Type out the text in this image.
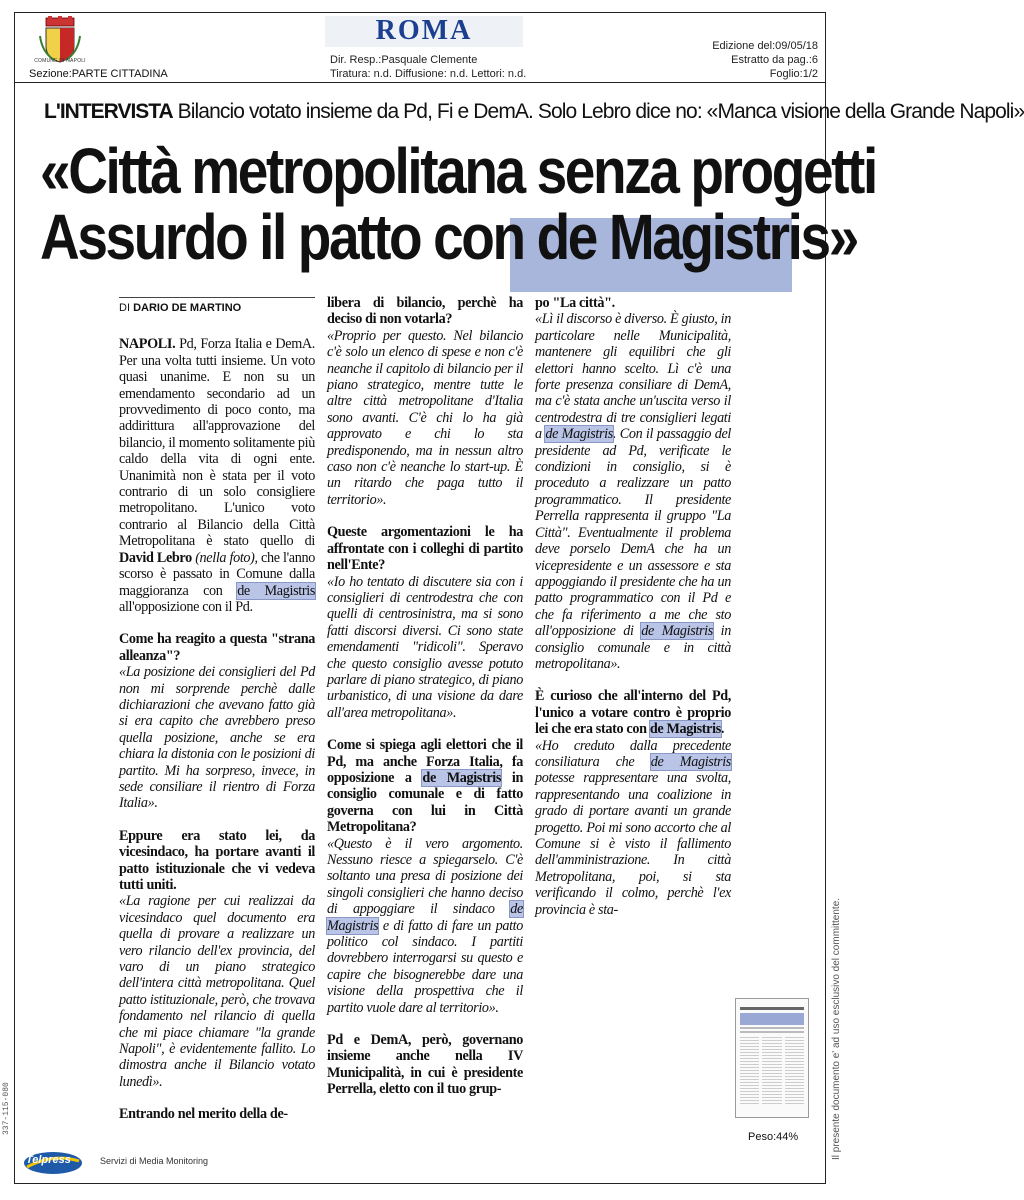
COMUNE DI NAPOLI
Sezione:PARTE CITTADINA
ROMA
Dir. Resp.:Pasquale Clemente
Tiratura: n.d. Diffusione: n.d. Lettori: n.d.
Edizione del:09/05/18
Estratto da pag.:6
Foglio:1/2
L'INTERVISTA Bilancio votato insieme da Pd, Fi e DemA. Solo Lebro dice no: «Manca visione della Grande Napoli»
«Città metropolitana senza progetti
Assurdo il patto con de Magistris»
DI DARIO DE MARTINO

NAPOLI. Pd, Forza Italia e DemA. Per una volta tutti insieme. Un voto quasi unanime. E non su un emendamento secondario ad un provvedimento di poco conto, ma addirittura all'approvazione del bilancio, il momento solitamente più caldo della vita di ogni ente. Unanimità non è stata per il voto contrario di un solo consigliere metropolitano. L'unico voto contrario al Bilancio della Città Metropolitana è stato quello di David Lebro (nella foto), che l'anno scorso è passato in Comune dalla maggioranza con de Magistris all'opposizione con il Pd.

Come ha reagito a questa "strana alleanza"?

«La posizione dei consiglieri del Pd non mi sorprende perchè dalle dichiarazioni che avevano fatto già si era capito che avrebbero preso quella posizione, anche se era chiara la distonia con le posizioni di partito. Mi ha sorpreso, invece, in sede consiliare il rientro di Forza Italia».

Eppure era stato lei, da vicesindaco, ha portare avanti il patto istituzionale che vi vedeva tutti uniti.

«La ragione per cui realizzai da vicesindaco quel documento era quella di provare a realizzare un vero rilancio dell'ex provincia, del varo di un piano strategico dell'intera città metropolitana. Quel patto istituzionale, però, che trovava fondamento nel rilancio di quella che mi piace chiamare "la grande Napoli", è evidentemente fallito. Lo dimostra anche il Bilancio votato lunedì».

Entrando nel merito della de-

libera di bilancio, perchè ha deciso di non votarla?

«Proprio per questo. Nel bilancio c'è solo un elenco di spese e non c'è neanche il capitolo di bilancio per il piano strategico, mentre tutte le altre città metropolitane d'Italia sono avanti. C'è chi lo ha già approvato e chi lo sta predisponendo, ma in nessun altro caso non c'è neanche lo start-up. È un ritardo che paga tutto il territorio».

Queste argomentazioni le ha affrontate con i colleghi di partito nell'Ente?

«Io ho tentato di discutere sia con i consiglieri di centrodestra che con quelli di centrosinistra, ma si sono fatti discorsi diversi. Ci sono state emendamenti "ridicoli". Speravo che questo consiglio avesse potuto parlare di piano strategico, di piano urbanistico, di una visione da dare all'area metropolitana».

Come si spiega agli elettori che il Pd, ma anche Forza Italia, fa opposizione a de Magistris in consiglio comunale e di fatto governa con lui in Città Metropolitana?

«Questo è il vero argomento. Nessuno riesce a spiegarselo. C'è soltanto una presa di posizione dei singoli consiglieri che hanno deciso di appoggiare il sindaco de Magistris e di fatto di fare un patto politico col sindaco. I partiti dovrebbero interrogarsi su questo e capire che bisognerebbe dare una visione della prospettiva che il partito vuole dare al territorio».

Pd e DemA, però, governano insieme anche nella IV Municipalità, in cui è presidente Perrella, eletto con il tuo grup-

po "La città".

«Lì il discorso è diverso. È giusto, in particolare nelle Municipalità, mantenere gli equilibri che gli elettori hanno scelto. Lì c'è una forte presenza consiliare di DemA, ma c'è stata anche un'uscita verso il centrodestra di tre consiglieri legati a de Magistris. Con il passaggio del presidente ad Pd, verificate le condizioni in consiglio, si è proceduto a realizzare un patto programmatico. Il presidente Perrella rappresenta il gruppo "La Città". Eventualmente il problema deve porselo DemA che ha un vicepresidente e un assessore e sta appoggiando il presidente che ha un patto programmatico con il Pd e che fa riferimento a me che sto all'opposizione di de Magistris in consiglio comunale e in città metropolitana».

È curioso che all'interno del Pd, l'unico a votare contro è proprio lei che era stato con de Magistris.

«Ho creduto dalla precedente consiliatura che de Magistris potesse rappresentare una svolta, rappresentando una coalizione in grado di portare avanti un grande progetto. Poi mi sono accorto che al Comune si è visto il fallimento dell'amministrazione. In città Metropolitana, poi, si sta verificando il colmo, perchè l'ex provincia è sta-

Peso:44%	Il presente documento e' ad uso esclusivo del committente.
337-115-080
Telpress	Servizi di Media Monitoring
